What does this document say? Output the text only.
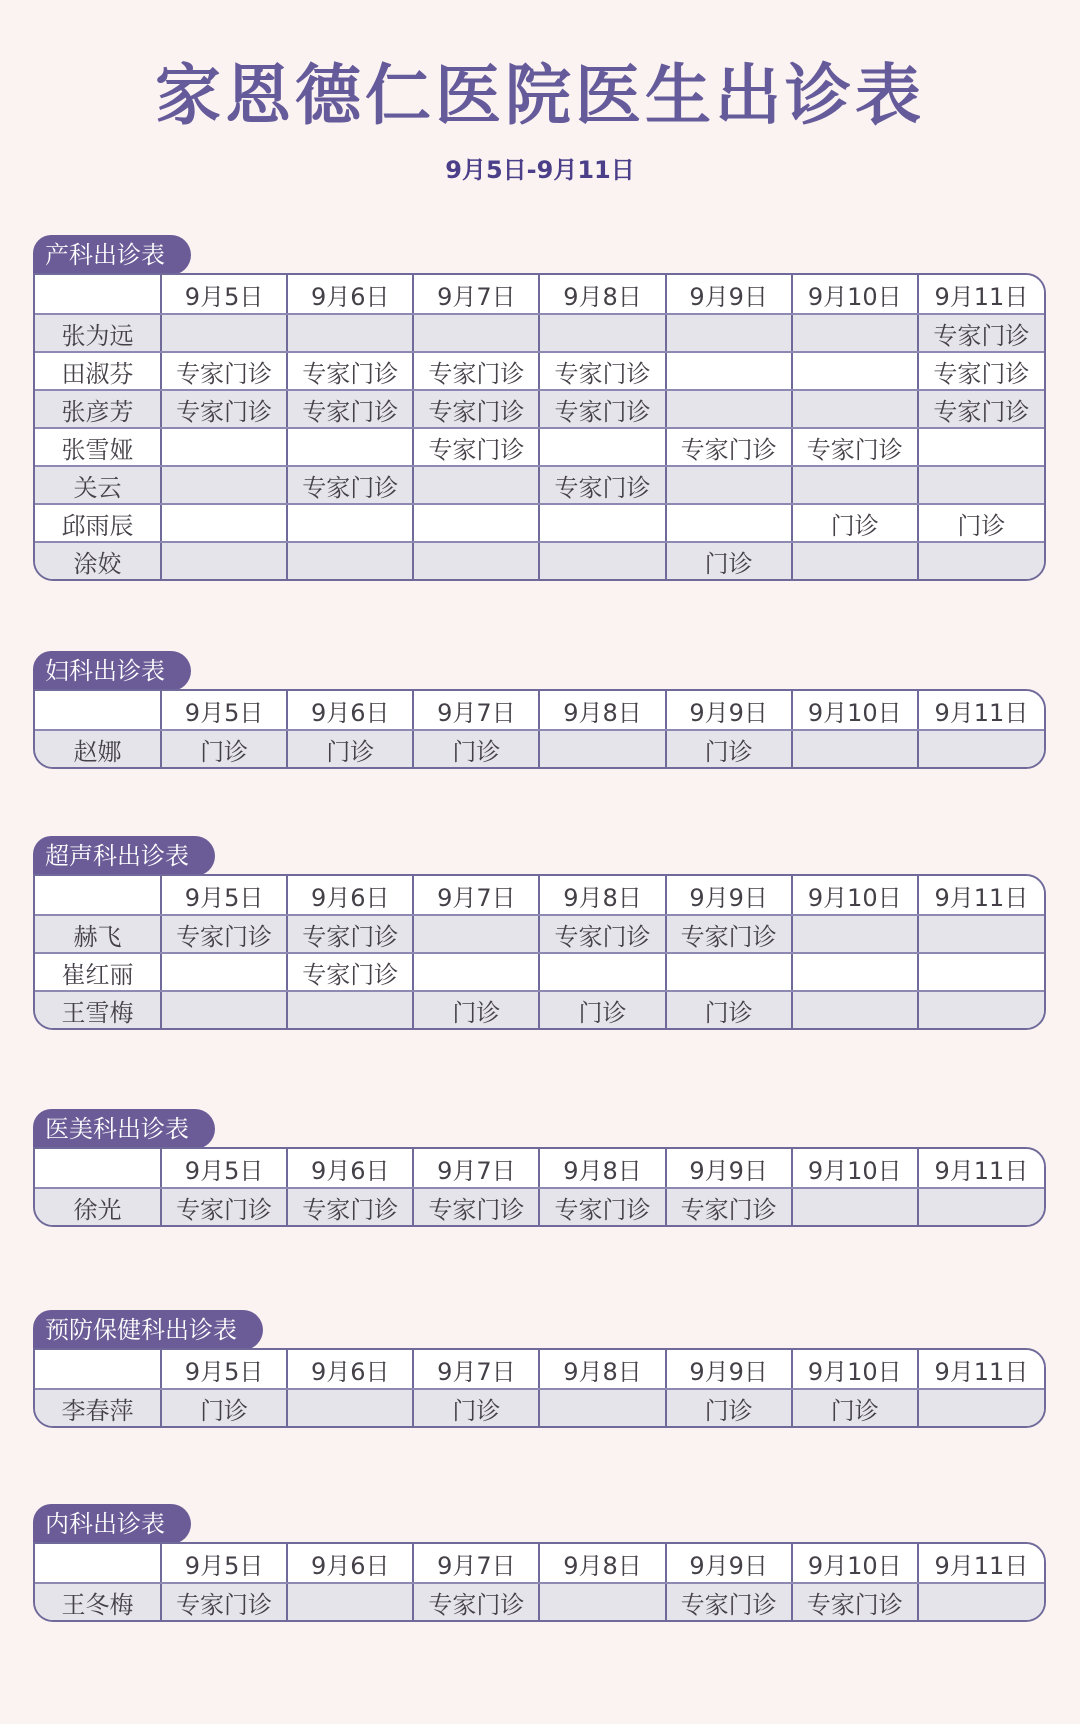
家恩德仁医院医生出诊表
9月5日-9月11日
产科出诊表
	9月5日	9月6日	9月7日	9月8日	9月9日	9月10日	9月11日
张为远							专家门诊
田淑芬	专家门诊	专家门诊	专家门诊	专家门诊			专家门诊
张彦芳	专家门诊	专家门诊	专家门诊	专家门诊			专家门诊
张雪娅			专家门诊		专家门诊	专家门诊	
关云		专家门诊		专家门诊			
邱雨辰						门诊	门诊
涂姣					门诊		
妇科出诊表
	9月5日	9月6日	9月7日	9月8日	9月9日	9月10日	9月11日
赵娜	门诊	门诊	门诊		门诊		
超声科出诊表
	9月5日	9月6日	9月7日	9月8日	9月9日	9月10日	9月11日
赫飞	专家门诊	专家门诊		专家门诊	专家门诊		
崔红丽		专家门诊					
王雪梅			门诊	门诊	门诊		
医美科出诊表
	9月5日	9月6日	9月7日	9月8日	9月9日	9月10日	9月11日
徐光	专家门诊	专家门诊	专家门诊	专家门诊	专家门诊		
预防保健科出诊表
	9月5日	9月6日	9月7日	9月8日	9月9日	9月10日	9月11日
李春萍	门诊		门诊		门诊	门诊	
内科出诊表
	9月5日	9月6日	9月7日	9月8日	9月9日	9月10日	9月11日
王冬梅	专家门诊		专家门诊		专家门诊	专家门诊	
